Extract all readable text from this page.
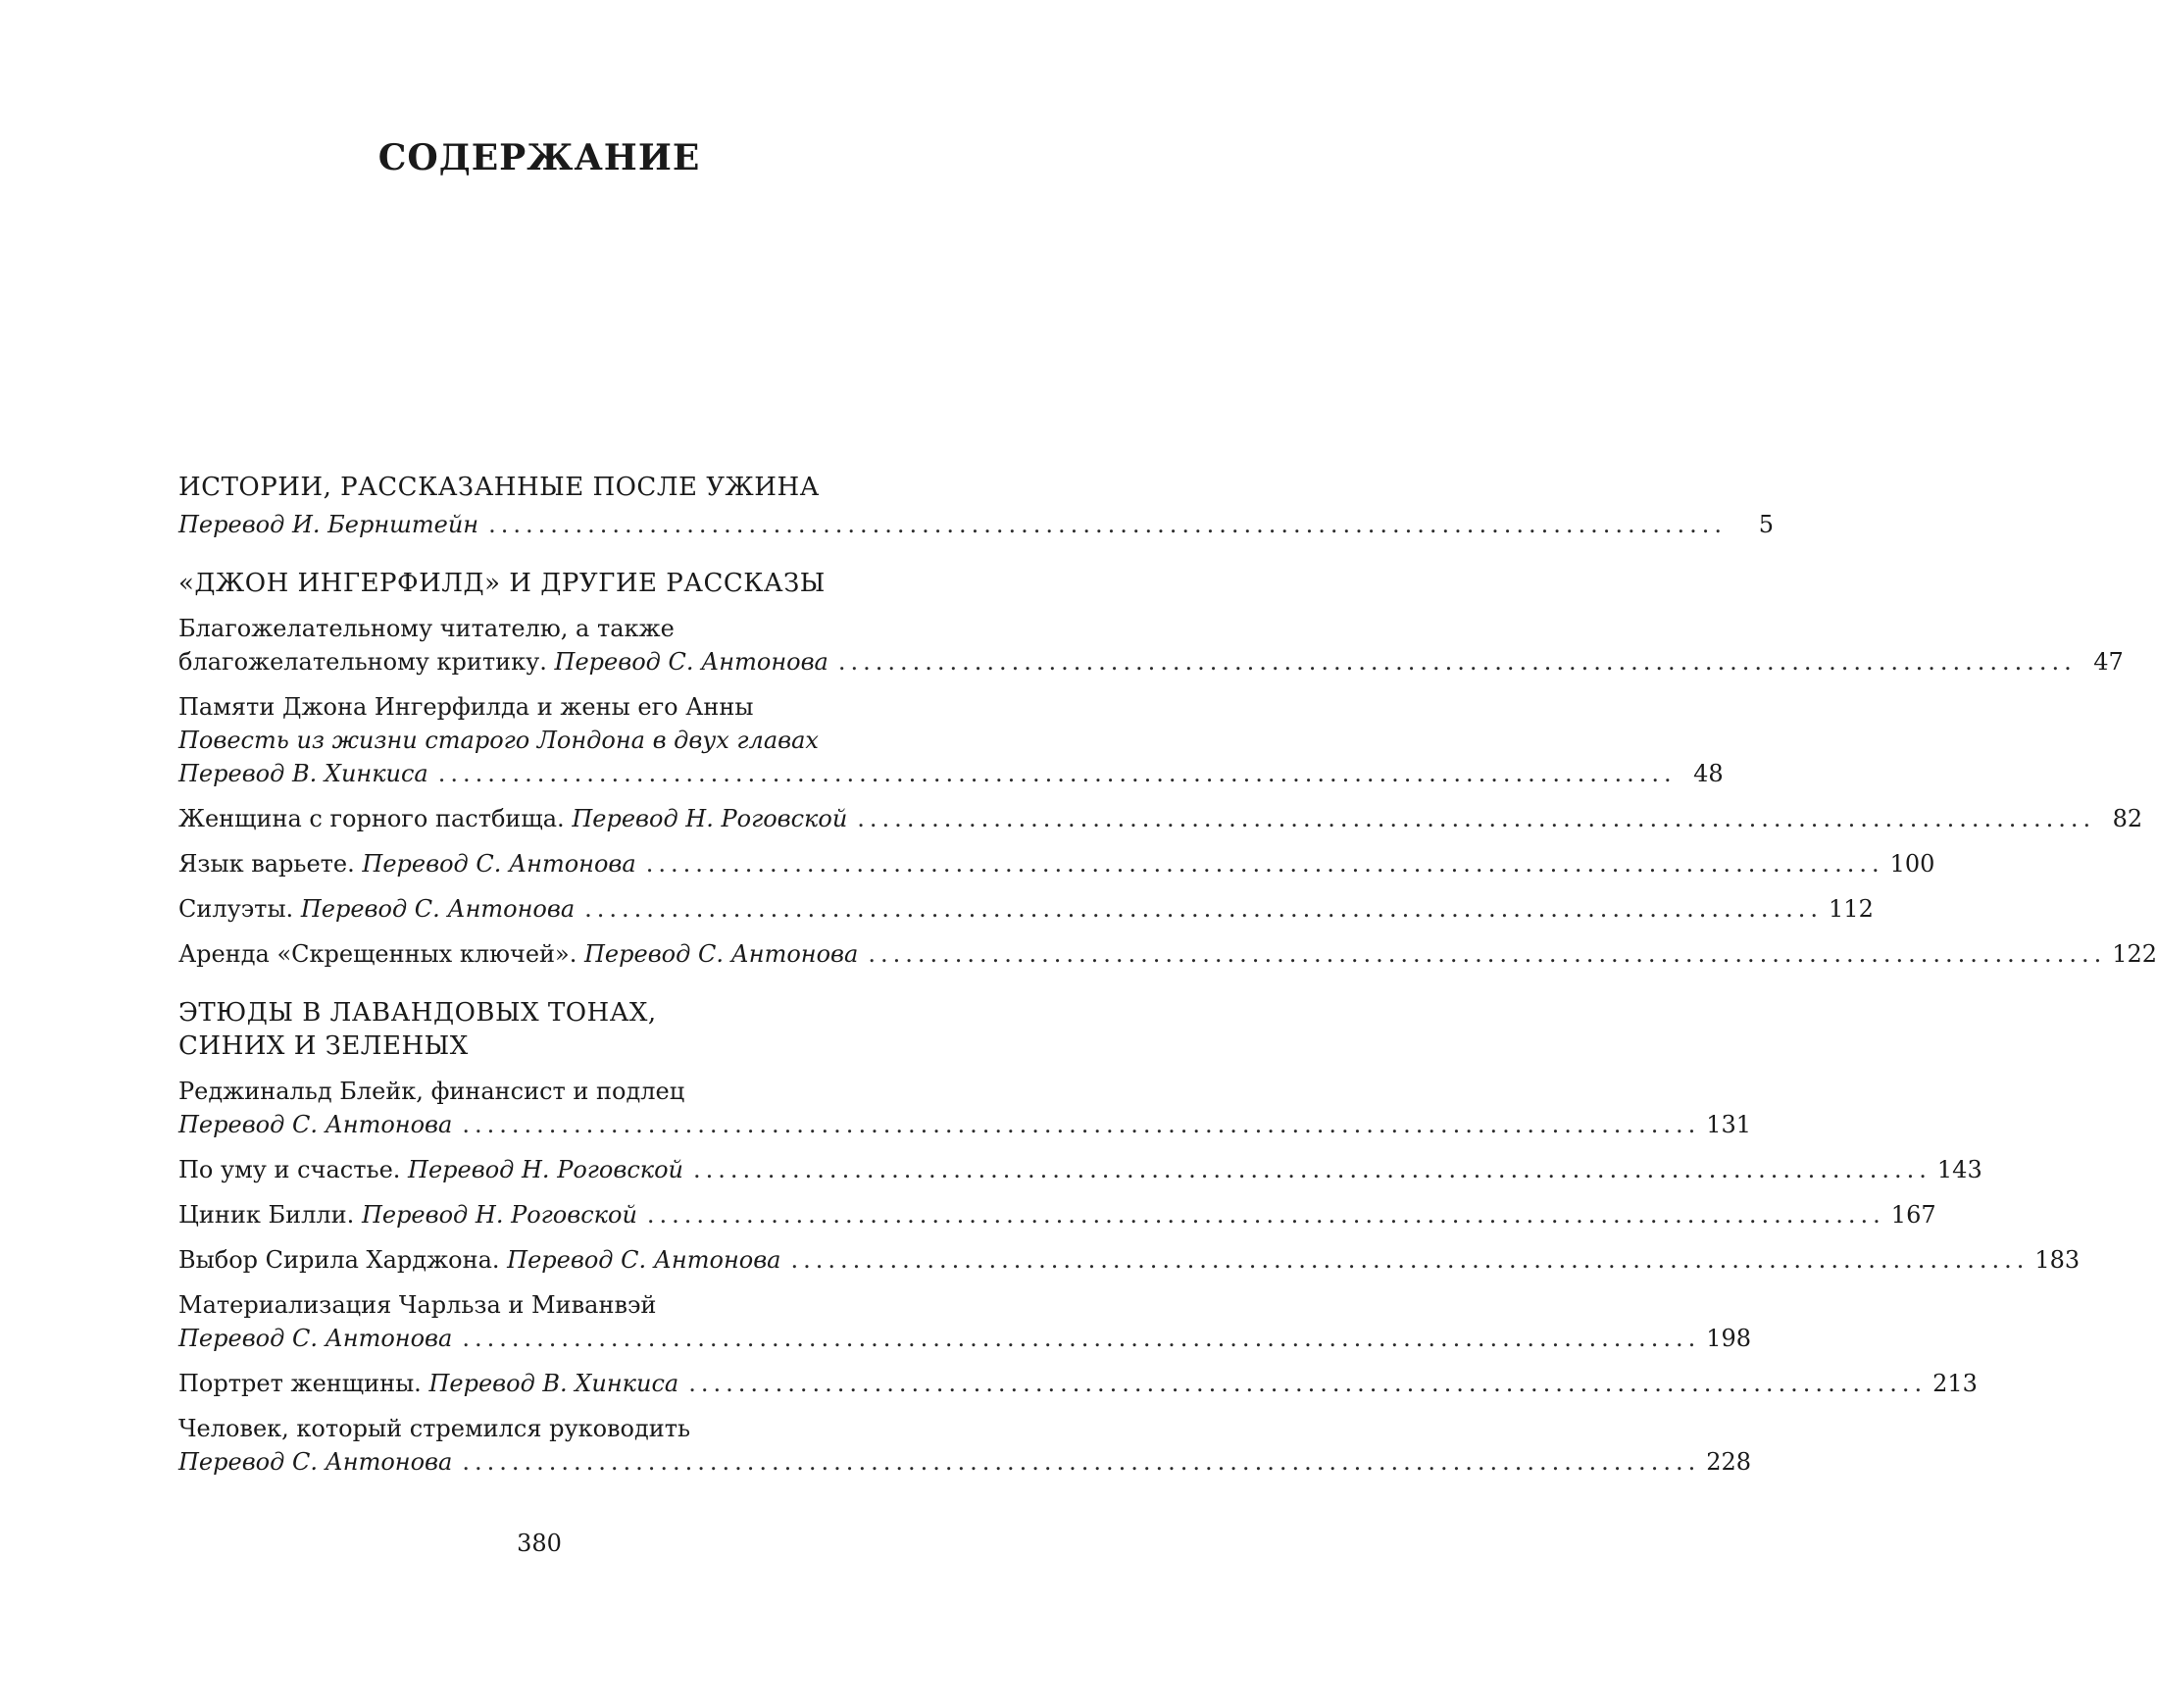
СОДЕРЖАНИЕ
ИСТОРИИ, РАССКАЗАННЫЕ ПОСЛЕ УЖИНА
Перевод И. Бернштейн ....................................................................................................	5
«ДЖОН ИНГЕРФИЛД» И ДРУГИЕ РАССКАЗЫ
Благожелательному читателю, а также
благожелательному критику. Перевод С. Антонова .................................................................................................... 47
Памяти Джона Ингерфилда и жены его Анны
Повесть из жизни старого Лондона в двух главах
Перевод В. Хинкиса .................................................................................................... 48
Женщина с горного пастбища. Перевод Н. Роговской .................................................................................................... 82
Язык варьете. Перевод С. Антонова .................................................................................................... 100
Силуэты. Перевод С. Антонова .................................................................................................... 112
Аренда «Скрещенных ключей». Перевод С. Антонова .................................................................................................... 122
ЭТЮДЫ В ЛАВАНДОВЫХ ТОНАХ,
СИНИХ И ЗЕЛЕНЫХ
Реджинальд Блейк, финансист и подлец
Перевод С. Антонова .................................................................................................... 131
По уму и счастье. Перевод Н. Роговской .................................................................................................... 143
Циник Билли. Перевод Н. Роговской .................................................................................................... 167
Выбор Сирила Харджона. Перевод С. Антонова .................................................................................................... 183
Материализация Чарльза и Миванвэй
Перевод С. Антонова .................................................................................................... 198
Портрет женщины. Перевод В. Хинкиса .................................................................................................... 213
Человек, который стремился руководить
Перевод С. Антонова .................................................................................................... 228
380
